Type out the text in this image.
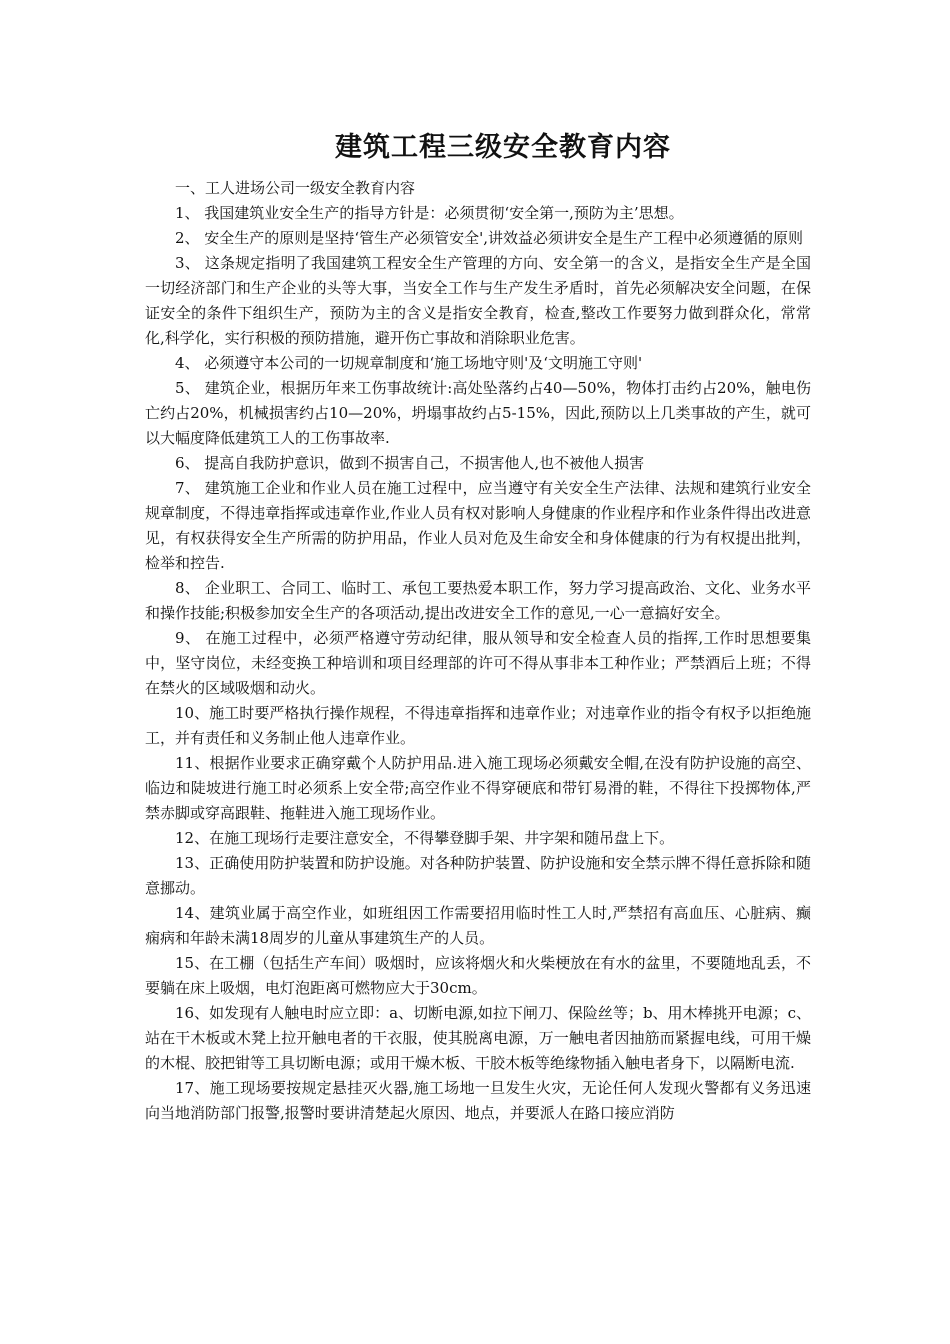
建筑工程三级安全教育内容

一、工人进场公司一级安全教育内容

1、 我国建筑业安全生产的指导方针是：必须贯彻‘安全第一,预防为主’思想。

2、 安全生产的原则是坚持‘管生产必须管安全',讲效益必须讲安全是生产工程中必须遵循的原则

3、 这条规定指明了我国建筑工程安全生产管理的方向、安全第一的含义，是指安全生产是全国一切经济部门和生产企业的头等大事，当安全工作与生产发生矛盾时，首先必须解决安全问题，在保证安全的条件下组织生产，预防为主的含义是指安全教育，检查,整改工作要努力做到群众化，常常化,科学化，实行积极的预防措施，避开伤亡事故和消除职业危害。

4、 必须遵守本公司的一切规章制度和‘施工场地守则'及‘文明施工守则'

5、 建筑企业，根据历年来工伤事故统计:高处坠落约占40—50%，物体打击约占20%，触电伤亡约占20%，机械损害约占10—20%，坍塌事故约占5-15%，因此,预防以上几类事故的产生，就可以大幅度降低建筑工人的工伤事故率.

6、 提高自我防护意识，做到不损害自己，不损害他人,也不被他人损害

7、 建筑施工企业和作业人员在施工过程中，应当遵守有关安全生产法律、法规和建筑行业安全规章制度，不得违章指挥或违章作业,作业人员有权对影响人身健康的作业程序和作业条件得出改进意见，有权获得安全生产所需的防护用品，作业人员对危及生命安全和身体健康的行为有权提出批判，检举和控告.

8、 企业职工、合同工、临时工、承包工要热爱本职工作，努力学习提高政治、文化、业务水平和操作技能;积极参加安全生产的各项活动,提出改进安全工作的意见,一心一意搞好安全。

9、 在施工过程中，必须严格遵守劳动纪律，服从领导和安全检查人员的指挥,工作时思想要集中，坚守岗位，未经变换工种培训和项目经理部的许可不得从事非本工种作业；严禁酒后上班；不得在禁火的区域吸烟和动火。

10、施工时要严格执行操作规程，不得违章指挥和违章作业；对违章作业的指令有权予以拒绝施工，并有责任和义务制止他人违章作业。

11、根据作业要求正确穿戴个人防护用品.进入施工现场必须戴安全帽,在没有防护设施的高空、临边和陡坡进行施工时必须系上安全带;高空作业不得穿硬底和带钉易滑的鞋，不得往下投掷物体,严禁赤脚或穿高跟鞋、拖鞋进入施工现场作业。

12、在施工现场行走要注意安全，不得攀登脚手架、井字架和随吊盘上下。

13、正确使用防护装置和防护设施。对各种防护装置、防护设施和安全禁示牌不得任意拆除和随意挪动。

14、建筑业属于高空作业，如班组因工作需要招用临时性工人时,严禁招有高血压、心脏病、癫痫病和年龄未满18周岁的儿童从事建筑生产的人员。

15、在工棚（包括生产车间）吸烟时，应该将烟火和火柴梗放在有水的盆里，不要随地乱丢，不要躺在床上吸烟，电灯泡距离可燃物应大于30cm。

16、如发现有人触电时应立即：a、切断电源,如拉下闸刀、保险丝等；b、用木棒挑开电源；c、站在干木板或木凳上拉开触电者的干衣服，使其脱离电源，万一触电者因抽筋而紧握电线，可用干燥的木棍、胶把钳等工具切断电源；或用干燥木板、干胶木板等绝缘物插入触电者身下，以隔断电流.

17、施工现场要按规定悬挂灭火器,施工场地一旦发生火灾，无论任何人发现火警都有义务迅速向当地消防部门报警,报警时要讲清楚起火原因、地点，并要派人在路口接应消防
